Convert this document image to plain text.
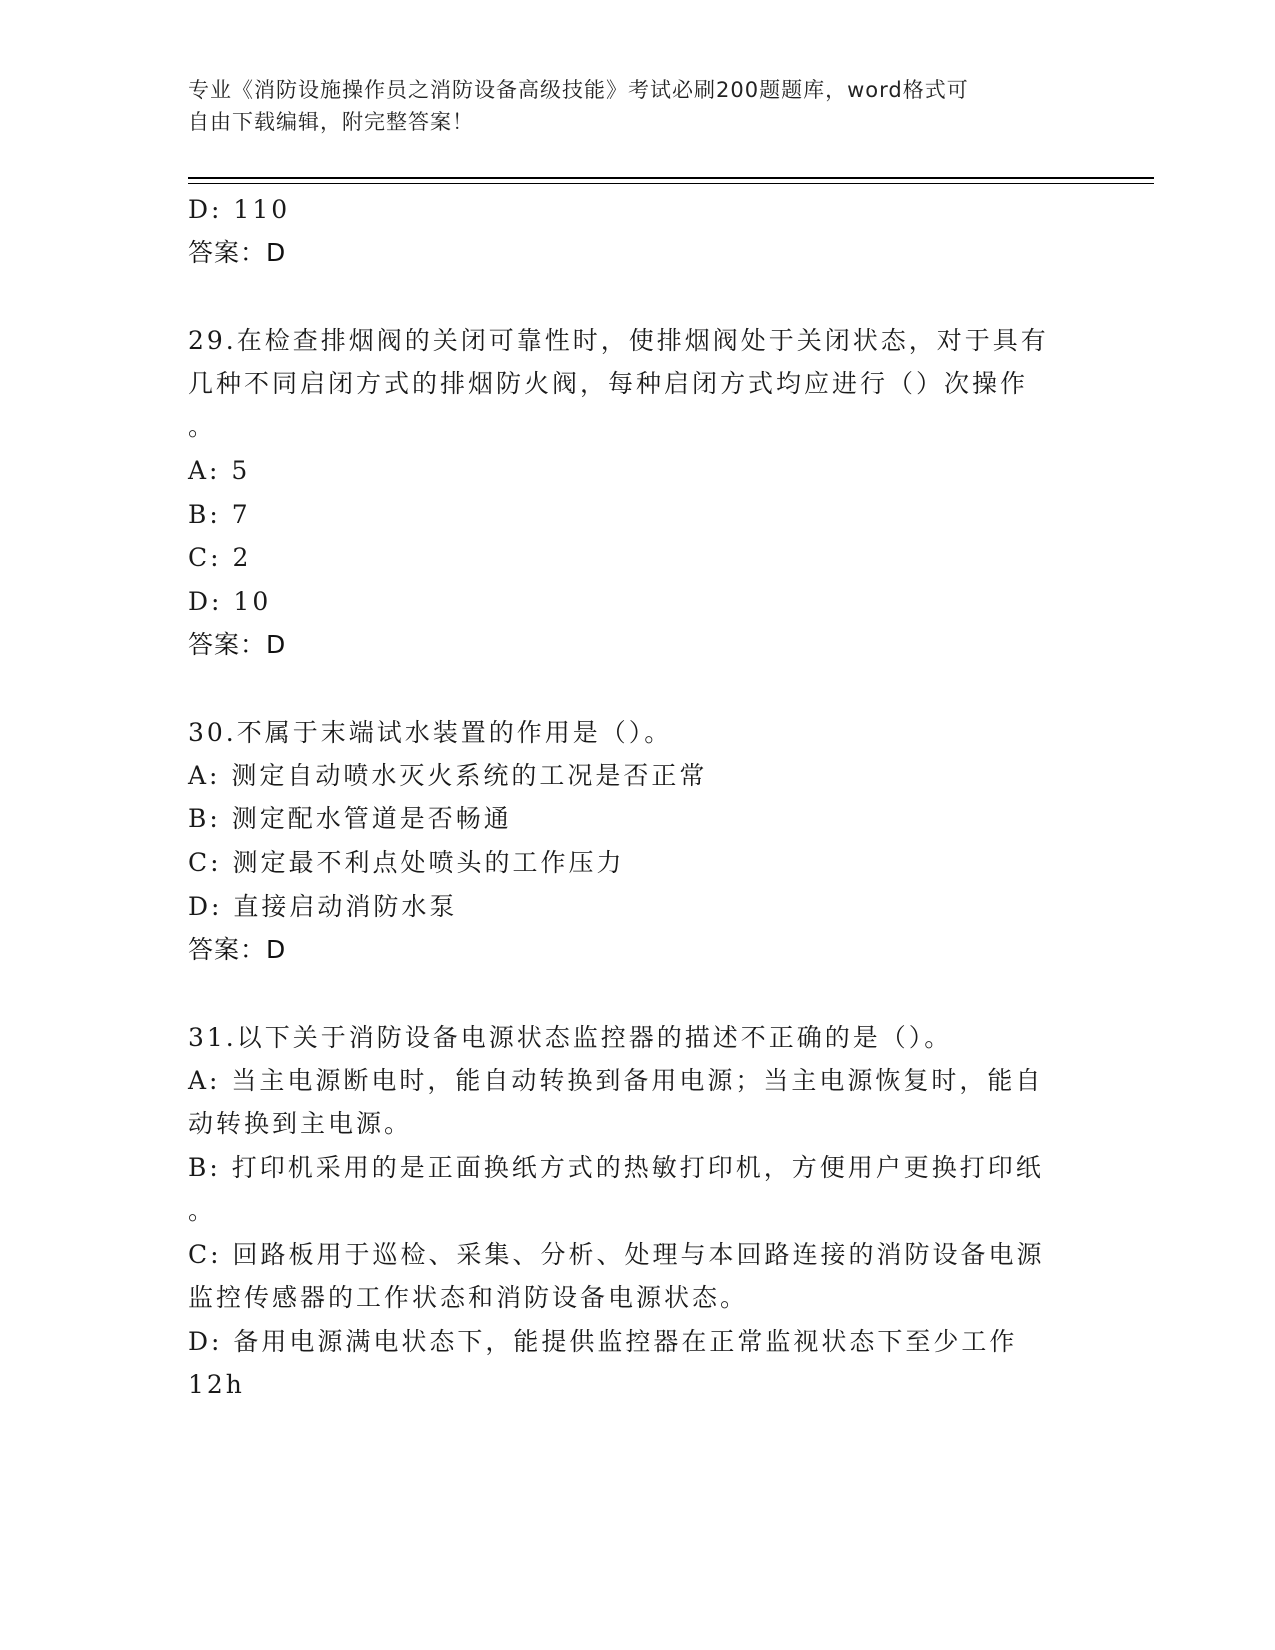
专业《消防设施操作员之消防设备高级技能》考试必刷200题题库，word格式可
自由下载编辑，附完整答案！
D: 110
答案：D
29.在检查排烟阀的关闭可靠性时，使排烟阀处于关闭状态，对于具有
几种不同启闭方式的排烟防火阀，每种启闭方式均应进行（）次操作
。
A: 5
B: 7
C: 2
D: 10
答案：D
30.不属于末端试水装置的作用是（）。
A: 测定自动喷水灭火系统的工况是否正常
B: 测定配水管道是否畅通
C: 测定最不利点处喷头的工作压力
D: 直接启动消防水泵
答案：D
31.以下关于消防设备电源状态监控器的描述不正确的是（）。
A: 当主电源断电时，能自动转换到备用电源；当主电源恢复时，能自
动转换到主电源。
B: 打印机采用的是正面换纸方式的热敏打印机，方便用户更换打印纸
。
C: 回路板用于巡检、采集、分析、处理与本回路连接的消防设备电源
监控传感器的工作状态和消防设备电源状态。
D: 备用电源满电状态下，能提供监控器在正常监视状态下至少工作
12h
